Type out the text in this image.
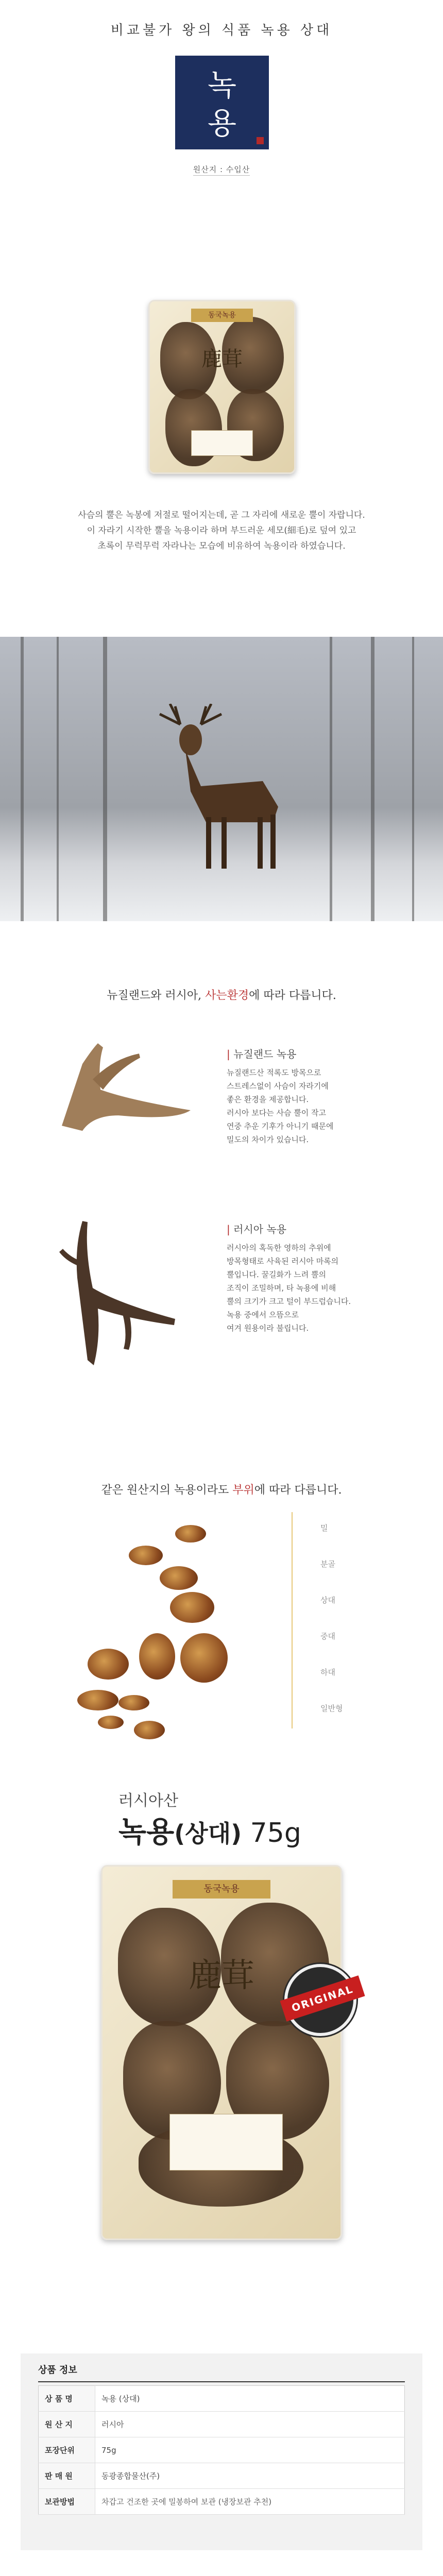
비교불가 왕의 식품 녹용 상대
녹
용
원산지 : 수입산
동국녹용
鹿茸
사슴의 뿔은 녹봉에 저절로 떨어지는데, 곧 그 자리에 새로운 뿔이 자랍니다.
이 자라기 시작한 뿔을 녹용이라 하며 부드러운 세모(細毛)로 덮여 있고
초록이 무럭무럭 자라나는 모습에 비유하여 녹용이라 하였습니다.
뉴질랜드와 러시아, 사는환경에 따라 다릅니다.
| 뉴질랜드 녹용
뉴질랜드산 적록도 방목으로
스트레스없이 사슴이 자라기에
좋은 환경을 제공합니다.
러시아 보다는 사슴 뿔이 작고
연중 추운 기후가 아니기 때문에
밀도의 차이가 있습니다.
| 러시아 녹용
러시아의 혹독한 영하의 추위에
방목형태로 사육된 러시아 마록의
뿔입니다. 꿀길화가 느려 뿔의
조직이 조밀하며, 타 녹용에 비해
뿔의 크기가 크고 털이 부드럽습니다.
녹용 중에서 으뜸으로
여겨 원용이라 불립니다.
같은 원산지의 녹용이라도 부위에 따라 다릅니다.
밀
분골
상대
중대
하대
일반형
러시아산
녹용(상대) 75g
동국녹용
鹿茸
ORIGINAL
상품 정보
상 품 명	녹용 (상대)
원 산 지	러시아
포장단위	75g
판 매 원	동광종합물산(주)
보관방법	차갑고 건조한 곳에 밀봉하여 보관 (냉장보관 추천)
